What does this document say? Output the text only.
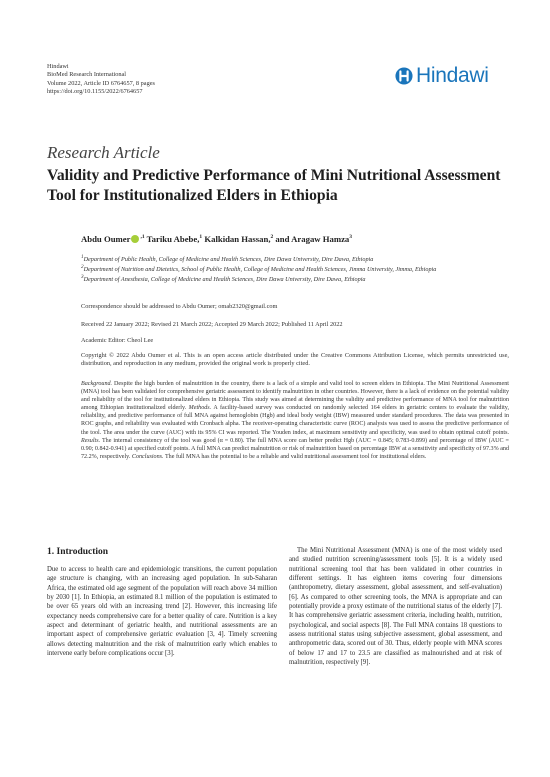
Hindawi
BioMed Research International
Volume 2022, Article ID 6764657, 8 pages
https://doi.org/10.1155/2022/6764657
Hindawi
Research Article
Validity and Predictive Performance of Mini Nutritional Assessment Tool for Institutionalized Elders in Ethiopia
Abdu Oumer $^{,1}$ Tariku Abebe,$^1$ Kalkidan Hassan,$^2$ and Aragaw Hamza$^3$
$^1$Department of Public Health, College of Medicine and Health Sciences, Dire Dawa University, Dire Dawa, Ethiopia
$^2$Department of Nutrition and Dietetics, School of Public Health, College of Medicine and Health Sciences, Jimma University, Jimma, Ethiopia
$^3$Department of Anesthesia, College of Medicine and Health Sciences, Dire Dawa University, Dire Dawa, Ethiopia
Correspondence should be addressed to Abdu Oumer; omab2320@gmail.com
Received 22 January 2022; Revised 21 March 2022; Accepted 29 March 2022; Published 11 April 2022
Academic Editor: Cheol Lee
Copyright © 2022 Abdu Oumer et al. This is an open access article distributed under the Creative Commons Attribution License, which permits unrestricted use, distribution, and reproduction in any medium, provided the original work is properly cited.
Background. Despite the high burden of malnutrition in the country, there is a lack of a simple and valid tool to screen elders in Ethiopia. The Mini Nutritional Assessment (MNA) tool has been validated for comprehensive geriatric assessment to identify malnutrition in other countries. However, there is a lack of evidence on the potential validity and reliability of the tool for institutionalized elders in Ethiopia. This study was aimed at determining the validity and predictive performance of MNA tool for malnutrition among Ethiopian institutionalized elderly. Methods. A facility-based survey was conducted on randomly selected 164 elders in geriatric centers to evaluate the validity, reliability, and predictive performance of full MNA against hemoglobin (Hgb) and ideal body weight (IBW) measured under standard procedures. The data was presented in ROC graphs, and reliability was evaluated with Cronbach alpha. The receiver-operating characteristic curve (ROC) analysis was used to assess the predictive performance of the tool. The area under the curve (AUC) with its 95% CI was reported. The Youden index, at maximum sensitivity and specificity, was used to obtain optimal cutoff points. Results. The internal consistency of the tool was good (α = 0.80). The full MNA score can better predict Hgb (AUC = 0.845; 0.783-0.899) and percentage of IBW (AUC = 0.90; 0.842-0.941) at specified cutoff points. A full MNA can predict malnutrition or risk of malnutrition based on percentage IBW at a sensitivity and specificity of 97.3% and 72.2%, respectively. Conclusions. The full MNA has the potential to be a reliable and valid nutritional assessment tool for institutional elders.
1. Introduction

Due to access to health care and epidemiologic transitions, the current population age structure is changing, with an increasing aged population. In sub-Saharan Africa, the estimated old age segment of the population will reach above 34 million by 2030 [1]. In Ethiopia, an estimated 8.1 million of the population is estimated to be over 65 years old with an increasing trend [2]. However, this increasing life expectancy needs comprehensive care for a better quality of care. Nutrition is a key aspect and determinant of geriatric health, and nutritional assessments are an important aspect of comprehensive geriatric evaluation [3, 4]. Timely screening allows detecting malnutrition and the risk of malnutrition early which enables to intervene early before complications occur [3].

The Mini Nutritional Assessment (MNA) is one of the most widely used and studied nutrition screening/assessment tools [5]. It is a widely used nutritional screening tool that has been validated in other countries in different settings. It has eighteen items covering four dimensions (anthropometry, dietary assessment, global assessment, and self-evaluation) [6]. As compared to other screening tools, the MNA is appropriate and can potentially provide a proxy estimate of the nutritional status of the elderly [7]. It has comprehensive geriatric assessment criteria, including health, nutrition, psychological, and social aspects [8]. The Full MNA contains 18 questions to assess nutritional status using subjective assessment, global assessment, and anthropometric data, scored out of 30. Thus, elderly people with MNA scores of below 17 and 17 to 23.5 are classified as malnourished and at risk of malnutrition, respectively [9].
